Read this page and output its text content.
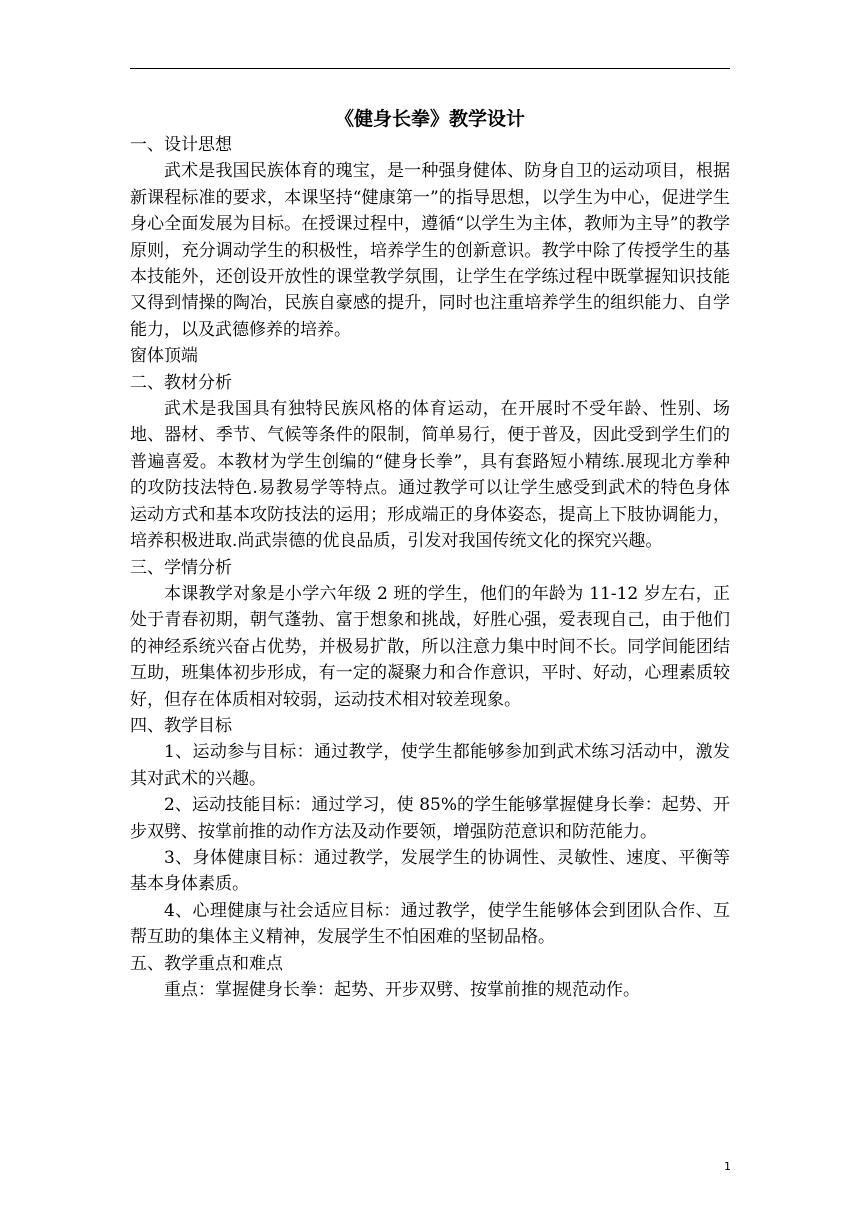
《健身长拳》教学设计

一、设计思想

武术是我国民族体育的瑰宝，是一种强身健体、防身自卫的运动项目，根据新课程标准的要求，本课坚持“健康第一”的指导思想，以学生为中心，促进学生身心全面发展为目标。在授课过程中，遵循“以学生为主体，教师为主导”的教学原则，充分调动学生的积极性，培养学生的创新意识。教学中除了传授学生的基本技能外，还创设开放性的课堂教学氛围，让学生在学练过程中既掌握知识技能又得到情操的陶冶，民族自豪感的提升，同时也注重培养学生的组织能力、自学能力，以及武德修养的培养。

窗体顶端

二、教材分析

武术是我国具有独特民族风格的体育运动，在开展时不受年龄、性别、场地、器材、季节、气候等条件的限制，简单易行，便于普及，因此受到学生们的普遍喜爱。本教材为学生创编的“健身长拳”，具有套路短小精练.展现北方拳种的攻防技法特色.易教易学等特点。通过教学可以让学生感受到武术的特色身体运动方式和基本攻防技法的运用；形成端正的身体姿态，提高上下肢协调能力，培养积极进取.尚武崇德的优良品质，引发对我国传统文化的探究兴趣。

三、学情分析

本课教学对象是小学六年级 2 班的学生，他们的年龄为 11-12 岁左右，正处于青春初期，朝气蓬勃、富于想象和挑战，好胜心强，爱表现自己，由于他们的神经系统兴奋占优势，并极易扩散，所以注意力集中时间不长。同学间能团结互助，班集体初步形成，有一定的凝聚力和合作意识，平时、好动，心理素质较好，但存在体质相对较弱，运动技术相对较差现象。

四、教学目标

1、运动参与目标：通过教学，使学生都能够参加到武术练习活动中，激发其对武术的兴趣。

2、运动技能目标：通过学习，使 85%的学生能够掌握健身长拳：起势、开步双劈、按掌前推的动作方法及动作要领，增强防范意识和防范能力。

3、身体健康目标：通过教学，发展学生的协调性、灵敏性、速度、平衡等基本身体素质。

4、心理健康与社会适应目标：通过教学，使学生能够体会到团队合作、互帮互助的集体主义精神，发展学生不怕困难的坚韧品格。

五、教学重点和难点

重点：掌握健身长拳：起势、开步双劈、按掌前推的规范动作。

1
